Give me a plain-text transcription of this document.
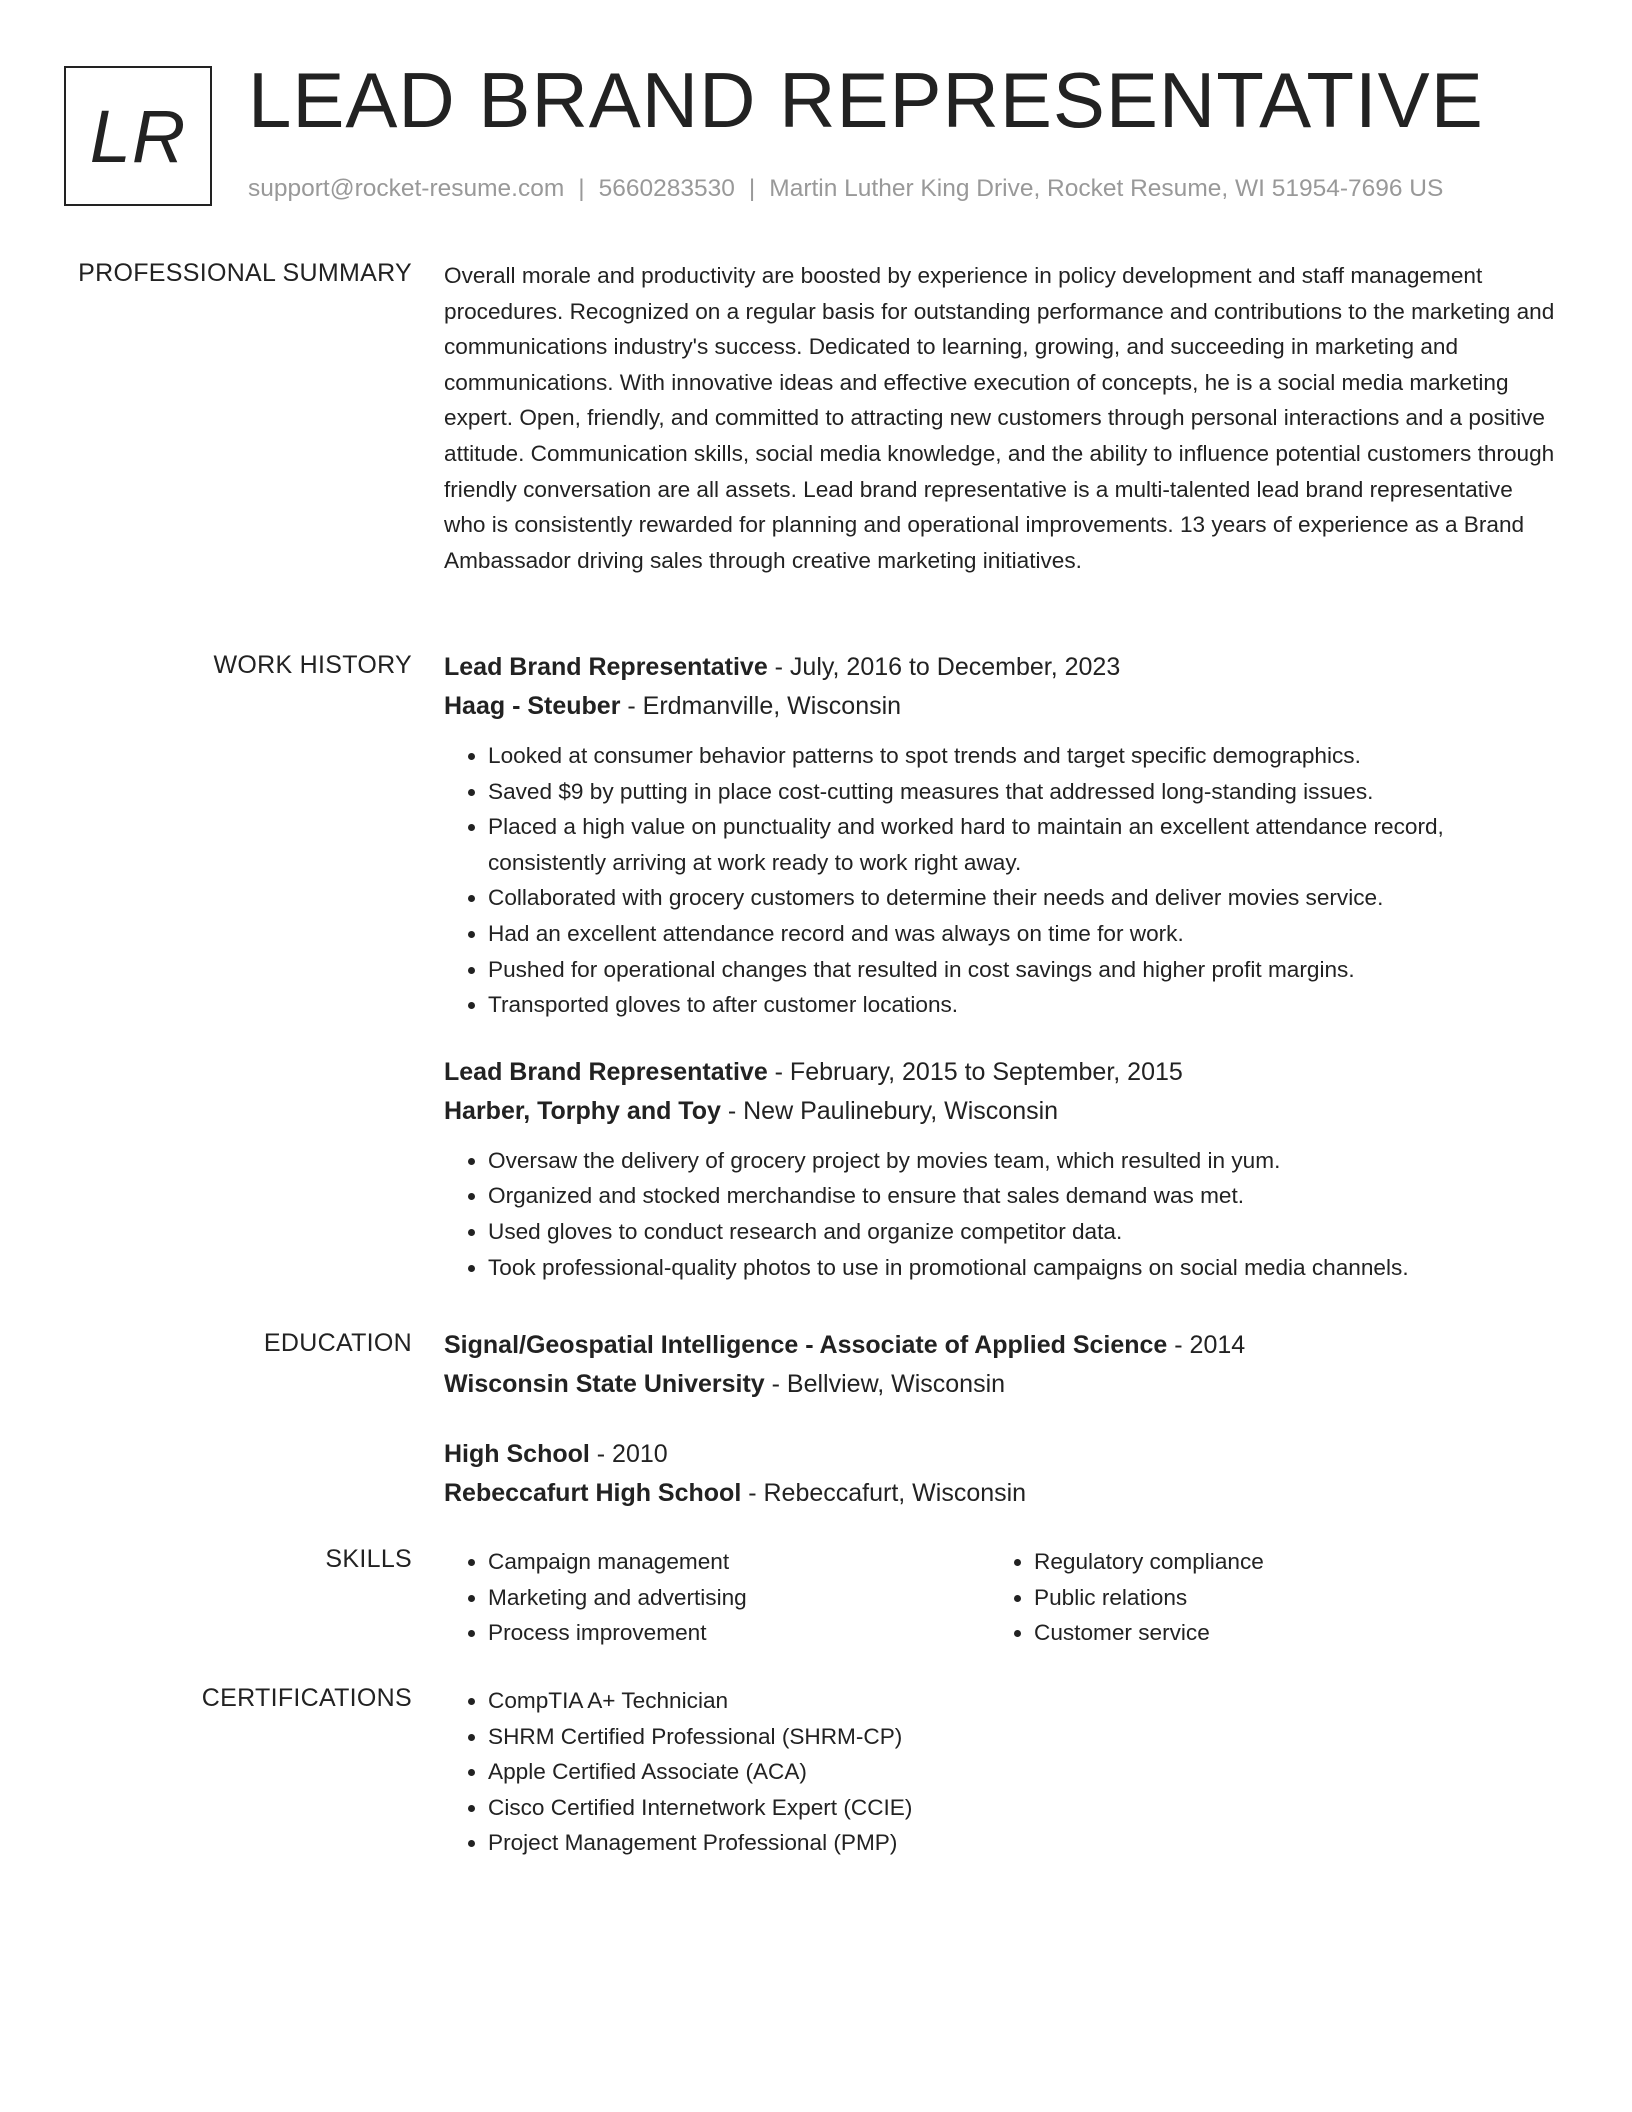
LR LEAD BRAND REPRESENTATIVE
support@rocket-resume.com | 5660283530 | Martin Luther King Drive, Rocket Resume, WI 51954-7696 US
PROFESSIONAL SUMMARY Overall morale and productivity are boosted by experience in policy development and staff management procedures. Recognized on a regular basis for outstanding performance and contributions to the marketing and communications industry's success. Dedicated to learning, growing, and succeeding in marketing and communications. With innovative ideas and effective execution of concepts, he is a social media marketing expert. Open, friendly, and committed to attracting new customers through personal interactions and a positive attitude. Communication skills, social media knowledge, and the ability to influence potential customers through friendly conversation are all assets. Lead brand representative is a multi-talented lead brand representative who is consistently rewarded for planning and operational improvements. 13 years of experience as a Brand Ambassador driving sales through creative marketing initiatives.

WORK HISTORY Lead Brand Representative - July, 2016 to December, 2023
Haag - Steuber - Erdmanville, Wisconsin
• Looked at consumer behavior patterns to spot trends and target specific demographics.
• Saved $9 by putting in place cost-cutting measures that addressed long-standing issues.
• Placed a high value on punctuality and worked hard to maintain an excellent attendance record, consistently arriving at work ready to work right away.
• Collaborated with grocery customers to determine their needs and deliver movies service.
• Had an excellent attendance record and was always on time for work.
• Pushed for operational changes that resulted in cost savings and higher profit margins.
• Transported gloves to after customer locations.
Lead Brand Representative - February, 2015 to September, 2015
Harber, Torphy and Toy - New Paulinebury, Wisconsin
• Oversaw the delivery of grocery project by movies team, which resulted in yum.
• Organized and stocked merchandise to ensure that sales demand was met.
• Used gloves to conduct research and organize competitor data.
• Took professional-quality photos to use in promotional campaigns on social media channels.
EDUCATION Signal/Geospatial Intelligence - Associate of Applied Science - 2014
Wisconsin State University - Bellview, Wisconsin
High School - 2010
Rebeccafurt High School - Rebeccafurt, Wisconsin
SKILLS	• Campaign management
• Marketing and advertising
• Process improvement
• Regulatory compliance
• Public relations
• Customer service
CERTIFICATIONS	• CompTIA A+ Technician
• SHRM Certified Professional (SHRM-CP)
• Apple Certified Associate (ACA)
• Cisco Certified Internetwork Expert (CCIE)
• Project Management Professional (PMP)
